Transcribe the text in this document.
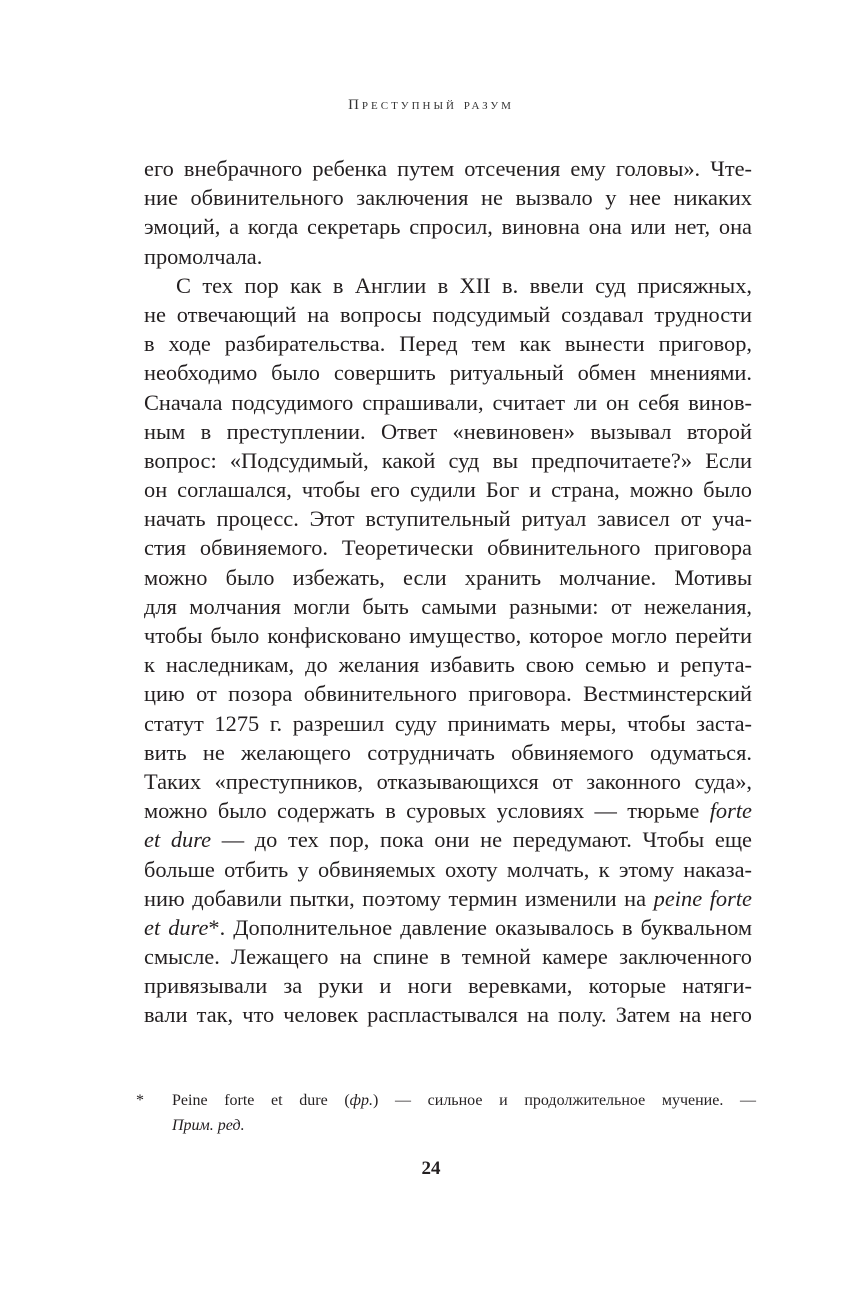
Преступный разум
его внебрачного ребенка путем отсечения ему головы». Чте-
ние обвинительного заключения не вызвало у нее никаких
эмоций, а когда секретарь спросил, виновна она или нет, она
промолчала.
С тех пор как в Англии в XII в. ввели суд присяжных,
не отвечающий на вопросы подсудимый создавал трудности
в ходе разбирательства. Перед тем как вынести приговор,
необходимо было совершить ритуальный обмен мнениями.
Сначала подсудимого спрашивали, считает ли он себя винов-
ным в преступлении. Ответ «невиновен» вызывал второй
вопрос: «Подсудимый, какой суд вы предпочитаете?» Если
он соглашался, чтобы его судили Бог и страна, можно было
начать процесс. Этот вступительный ритуал зависел от уча-
стия обвиняемого. Теоретически обвинительного приговора
можно было избежать, если хранить молчание. Мотивы
для молчания могли быть самыми разными: от нежелания,
чтобы было конфисковано имущество, которое могло перейти
к наследникам, до желания избавить свою семью и репута-
цию от позора обвинительного приговора. Вестминстерский
статут 1275 г. разрешил суду принимать меры, чтобы застa-
вить не желающего сотрудничать обвиняемого одуматься.
Таких «преступников, отказывающихся от законного суда»,
можно было содержать в суровых условиях — тюрьме forte
et dure — до тех пор, пока они не передумают. Чтобы еще
больше отбить у обвиняемых охоту молчать, к этому наказа-
нию добавили пытки, поэтому термин изменили на peine forte
et dure*. Дополнительное давление оказывалось в буквальном
смысле. Лежащего на спине в темной камере заключенного
привязывали за руки и ноги веревками, которые натяги-
вали так, что человек распластывался на полу. Затем на него
* Peine forte et dure (фр.) — сильное и продолжительное мучение. —
Прим. ред.
24
